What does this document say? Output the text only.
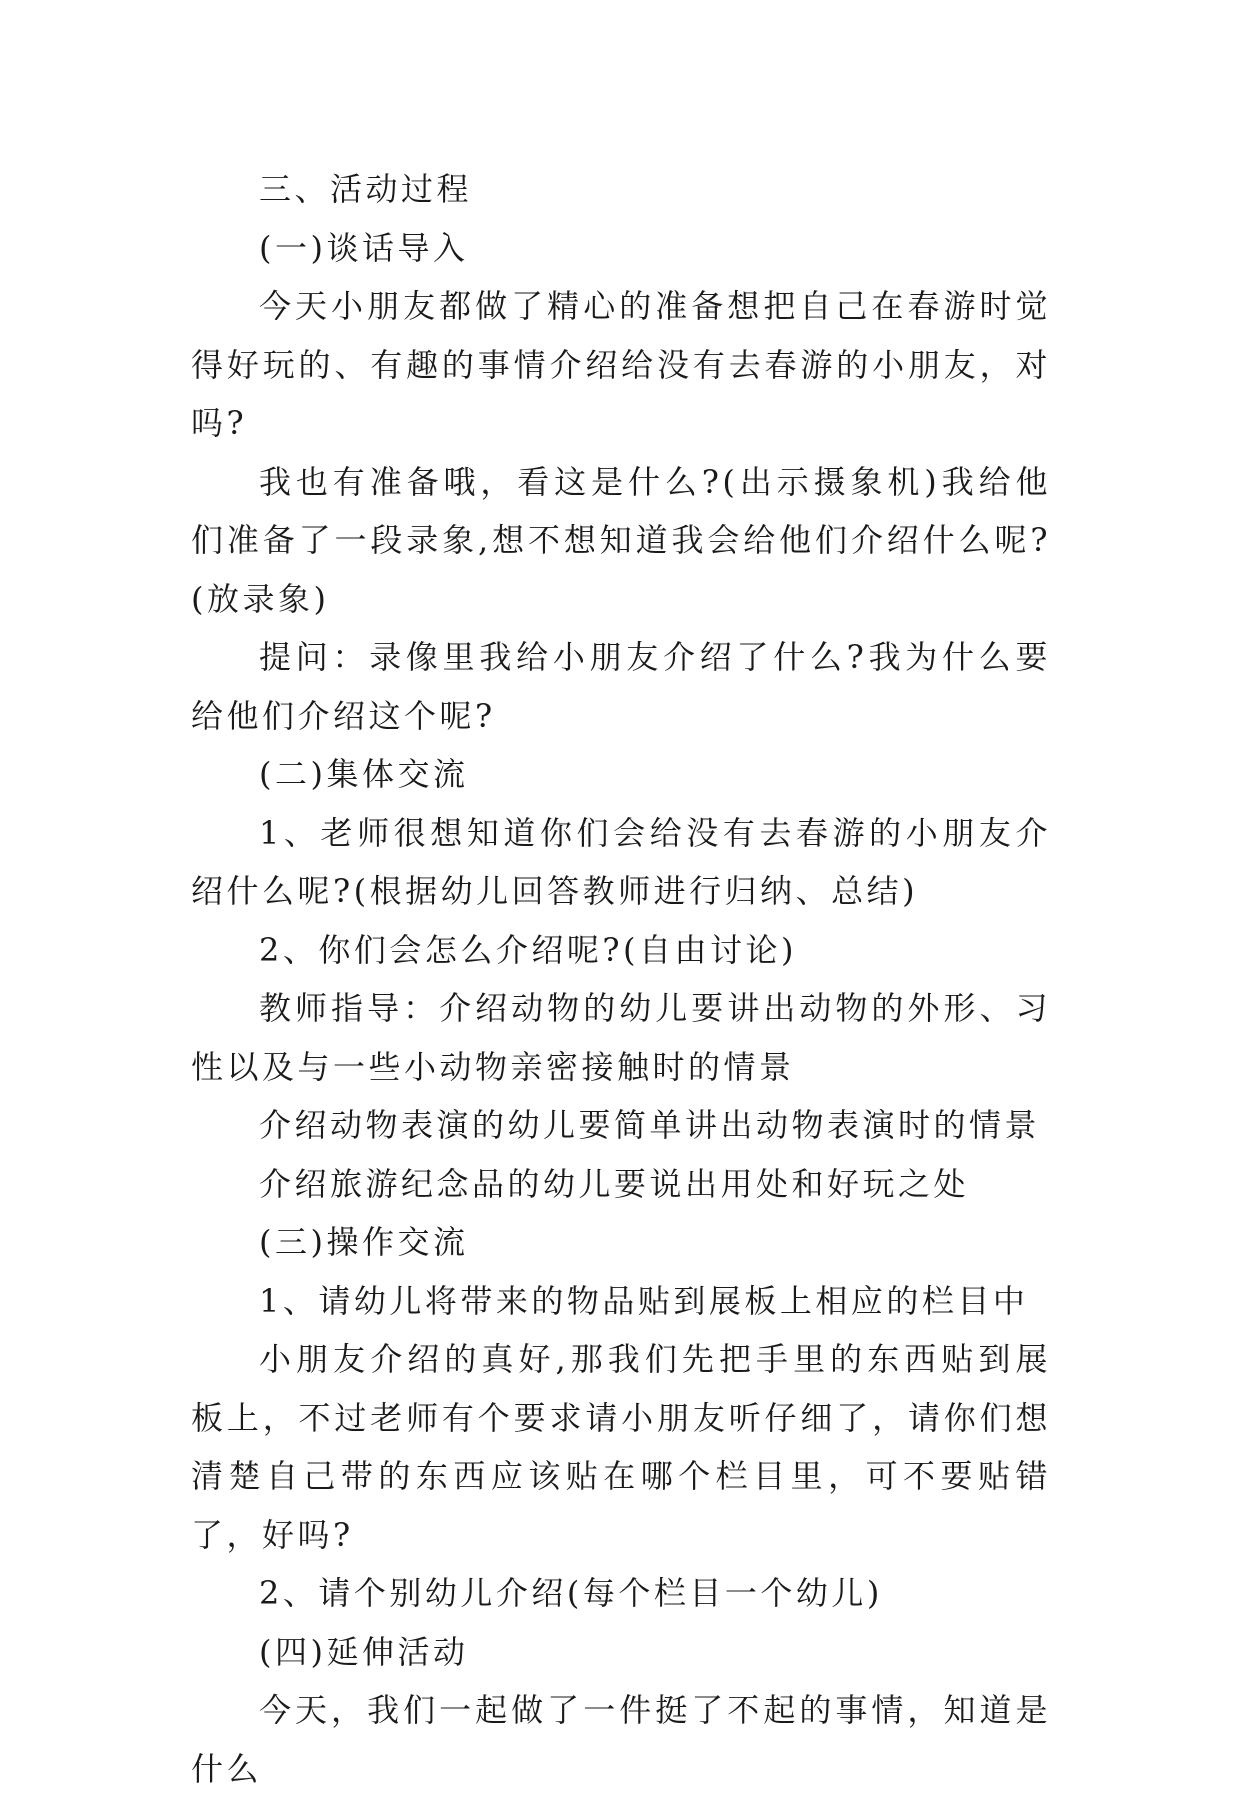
三、活动过程

(一)谈话导入

今天小朋友都做了精心的准备想把自己在春游时觉得好玩的、有趣的事情介绍给没有去春游的小朋友，对吗?

我也有准备哦，看这是什么?(出示摄象机)我给他们准备了一段录象,想不想知道我会给他们介绍什么呢?(放录象)

提问：录像里我给小朋友介绍了什么?我为什么要给他们介绍这个呢?

(二)集体交流

1、老师很想知道你们会给没有去春游的小朋友介绍什么呢?(根据幼儿回答教师进行归纳、总结)

2、你们会怎么介绍呢?(自由讨论)

教师指导：介绍动物的幼儿要讲出动物的外形、习性以及与一些小动物亲密接触时的情景

介绍动物表演的幼儿要简单讲出动物表演时的情景

介绍旅游纪念品的幼儿要说出用处和好玩之处

(三)操作交流

1、请幼儿将带来的物品贴到展板上相应的栏目中

小朋友介绍的真好,那我们先把手里的东西贴到展板上，不过老师有个要求请小朋友听仔细了，请你们想清楚自己带的东西应该贴在哪个栏目里，可不要贴错了，好吗?

2、请个别幼儿介绍(每个栏目一个幼儿)

(四)延伸活动

今天，我们一起做了一件挺了不起的事情，知道是什么
